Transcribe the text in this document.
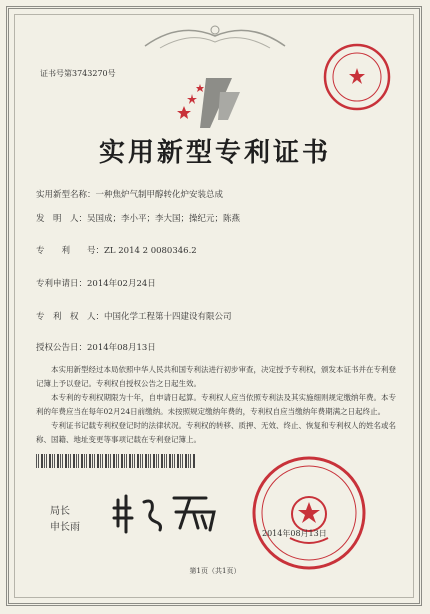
证书号第3743270号
实用新型专利证书
实用新型名称：一种焦炉气制甲醇转化炉安装总成
发　明　人：吴国成；李小平；李大国；操纪元；陈燕
专　　利　　号：ZL 2014 2 0080346.2
专利申请日：2014年02月24日
专　利　权　人：中国化学工程第十四建设有限公司
授权公告日：2014年08月13日

本实用新型经过本局依照中华人民共和国专利法进行初步审查，决定授予专利权，颁发本证书并在专利登记簿上予以登记。专利权自授权公告之日起生效。

本专利的专利权期限为十年，自申请日起算。专利权人应当依照专利法及其实施细则规定缴纳年费。本专利的年费应当在每年02月24日前缴纳。未按照规定缴纳年费的，专利权自应当缴纳年费期满之日起终止。

专利证书记载专利权登记时的法律状况。专利权的转移、质押、无效、终止、恢复和专利权人的姓名或名称、国籍、地址变更等事项记载在专利登记簿上。

局长
申长雨
2014年08月13日
第1页（共1页）
